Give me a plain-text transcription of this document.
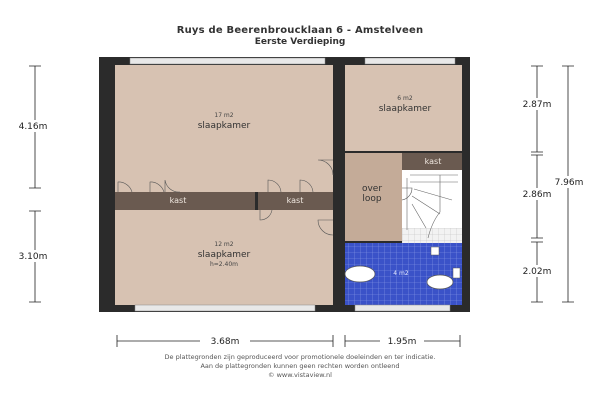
Ruys de Beerenbroucklaan 6 - Amstelveen
Eerste Verdieping
17 m2
slaapkamer
6 m2
slaapkamer
12 m2
slaapkamer
h=2.40m
kast	kast
kast
over
loop
4 m2
4.16m
3.10m
2.87m
2.86m
2.02m
7.96m
3.68m	1.95m
De plattegronden zijn geproduceerd voor promotionele doeleinden en ter indicatie.
Aan de plattegronden kunnen geen rechten worden ontleend
© www.vistaview.nl
